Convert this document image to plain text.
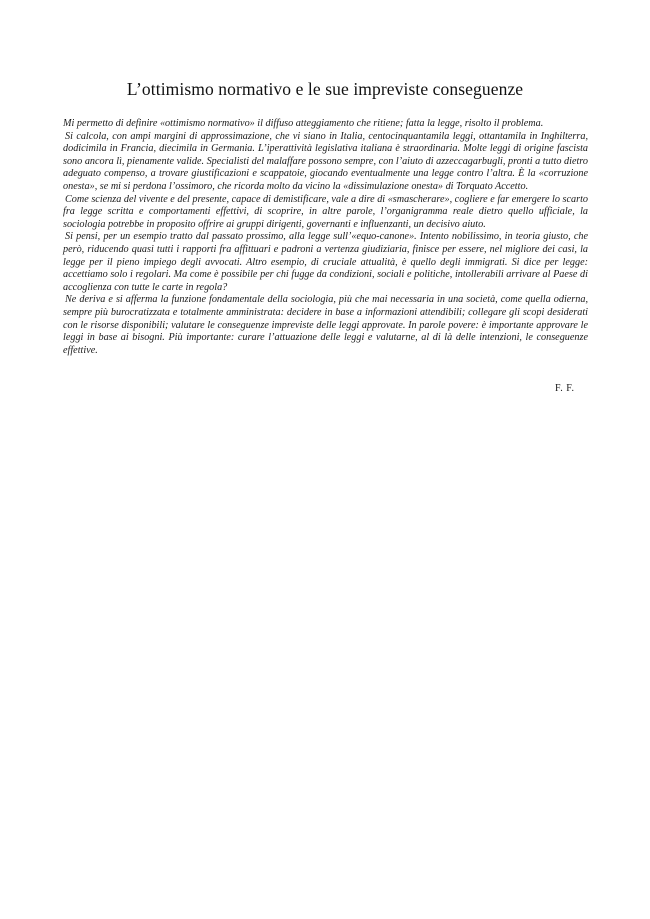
L’ottimismo normativo e le sue impreviste conseguenze

Mi permetto di definire «ottimismo normativo» il diffuso atteggiamento che ritiene; fatta la legge, risolto il problema.

Si calcola, con ampi margini di approssimazione, che vi siano in Italia, centocinquantamila leggi, ottantamila in Inghilterra, dodicimila in Francia, diecimila in Germania. L’iperattività legislativa italiana è straordinaria. Molte leggi di origine fascista sono ancora lì, pienamente valide. Specialisti del malaffare possono sempre, con l’aiuto di azzeccagarbugli, pronti a tutto dietro adeguato compenso, a trovare giustificazioni e scappatoie, giocando eventualmente una legge contro l’altra. È la «corruzione onesta», se mi si perdona l’ossimoro, che ricorda molto da vicino la «dissimulazione onesta» di Torquato Accetto.

Come scienza del vivente e del presente, capace di demistificare, vale a dire di «smascherare», cogliere e far emergere lo scarto fra legge scritta e comportamenti effettivi, di scoprire, in altre parole, l’organigramma reale dietro quello ufficiale, la sociologia potrebbe in proposito offrire ai gruppi dirigenti, governanti e influenzanti, un decisivo aiuto.

Si pensi, per un esempio tratto dal passato prossimo, alla legge sull’«equo-canone». Intento nobilissimo, in teoria giusto, che però, riducendo quasi tutti i rapporti fra affittuari e padroni a vertenza giudiziaria, finisce per essere, nel migliore dei casi, la legge per il pieno impiego degli avvocati. Altro esempio, di cruciale attualità, è quello degli immigrati. Si dice per legge: accettiamo solo i regolari. Ma come è possibile per chi fugge da condizioni, sociali e politiche, intollerabili arrivare al Paese di accoglienza con tutte le carte in regola?

Ne deriva e si afferma la funzione fondamentale della sociologia, più che mai necessaria in una società, come quella odierna, sempre più burocratizzata e totalmente amministrata: decidere in base a informazioni attendibili; collegare gli scopi desiderati con le risorse disponibili; valutare le conseguenze impreviste delle leggi approvate. In parole povere: è importante approvare le leggi in base ai bisogni. Più importante: curare l’attuazione delle leggi e valutarne, al di là delle intenzioni, le conseguenze effettive.

F. F.
